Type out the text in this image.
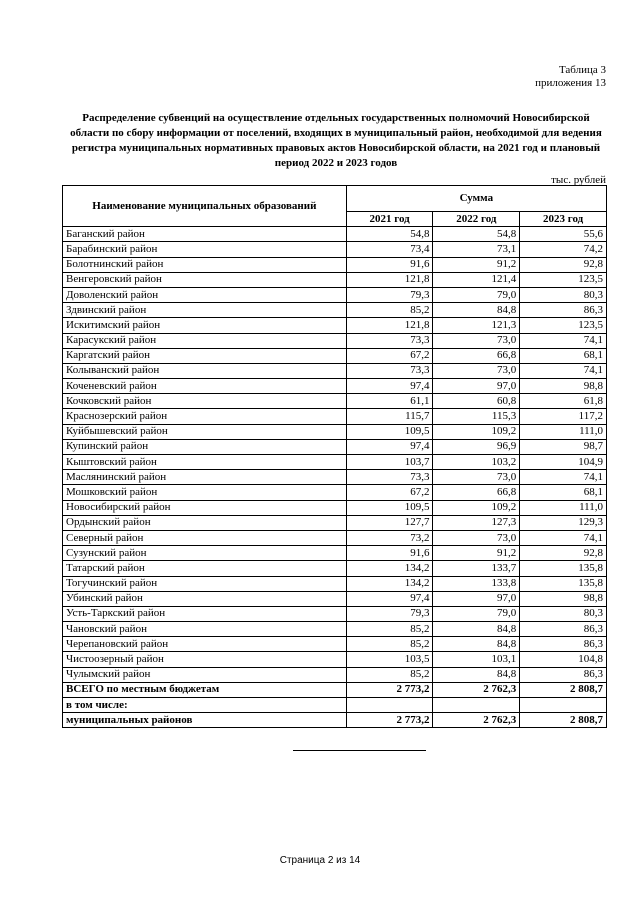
Таблица 3
приложения 13
Распределение субвенций на осуществление отдельных государственных полномочий Новосибирской области по сбору информации от поселений, входящих в муниципальный район, необходимой для ведения регистра муниципальных нормативных правовых актов Новосибирской области, на 2021 год и плановый период 2022 и 2023 годов
тыс. рублей
Наименование муниципальных образований	Сумма		
	2021 год	2022 год	2023 год
Баганский район	54,8	54,8	55,6
Барабинский район	73,4	73,1	74,2
Болотнинский район	91,6	91,2	92,8
Венгеровский район	121,8	121,4	123,5
Доволенский район	79,3	79,0	80,3
Здвинский район	85,2	84,8	86,3
Искитимский район	121,8	121,3	123,5
Карасукский район	73,3	73,0	74,1
Каргатский район	67,2	66,8	68,1
Колыванский район	73,3	73,0	74,1
Коченевский район	97,4	97,0	98,8
Кочковский район	61,1	60,8	61,8
Краснозерский район	115,7	115,3	117,2
Куйбышевский район	109,5	109,2	111,0
Купинский район	97,4	96,9	98,7
Кыштовский район	103,7	103,2	104,9
Маслянинский район	73,3	73,0	74,1
Мошковский район	67,2	66,8	68,1
Новосибирский район	109,5	109,2	111,0
Ордынский район	127,7	127,3	129,3
Северный район	73,2	73,0	74,1
Сузунский район	91,6	91,2	92,8
Татарский район	134,2	133,7	135,8
Тогучинский район	134,2	133,8	135,8
Убинский район	97,4	97,0	98,8
Усть-Таркский район	79,3	79,0	80,3
Чановский район	85,2	84,8	86,3
Черепановский район	85,2	84,8	86,3
Чистоозерный район	103,5	103,1	104,8
Чулымский район	85,2	84,8	86,3
ВСЕГО по местным бюджетам	2 773,2	2 762,3	2 808,7
в том числе:			
муниципальных районов	2 773,2	2 762,3	2 808,7
Страница 2 из 14
